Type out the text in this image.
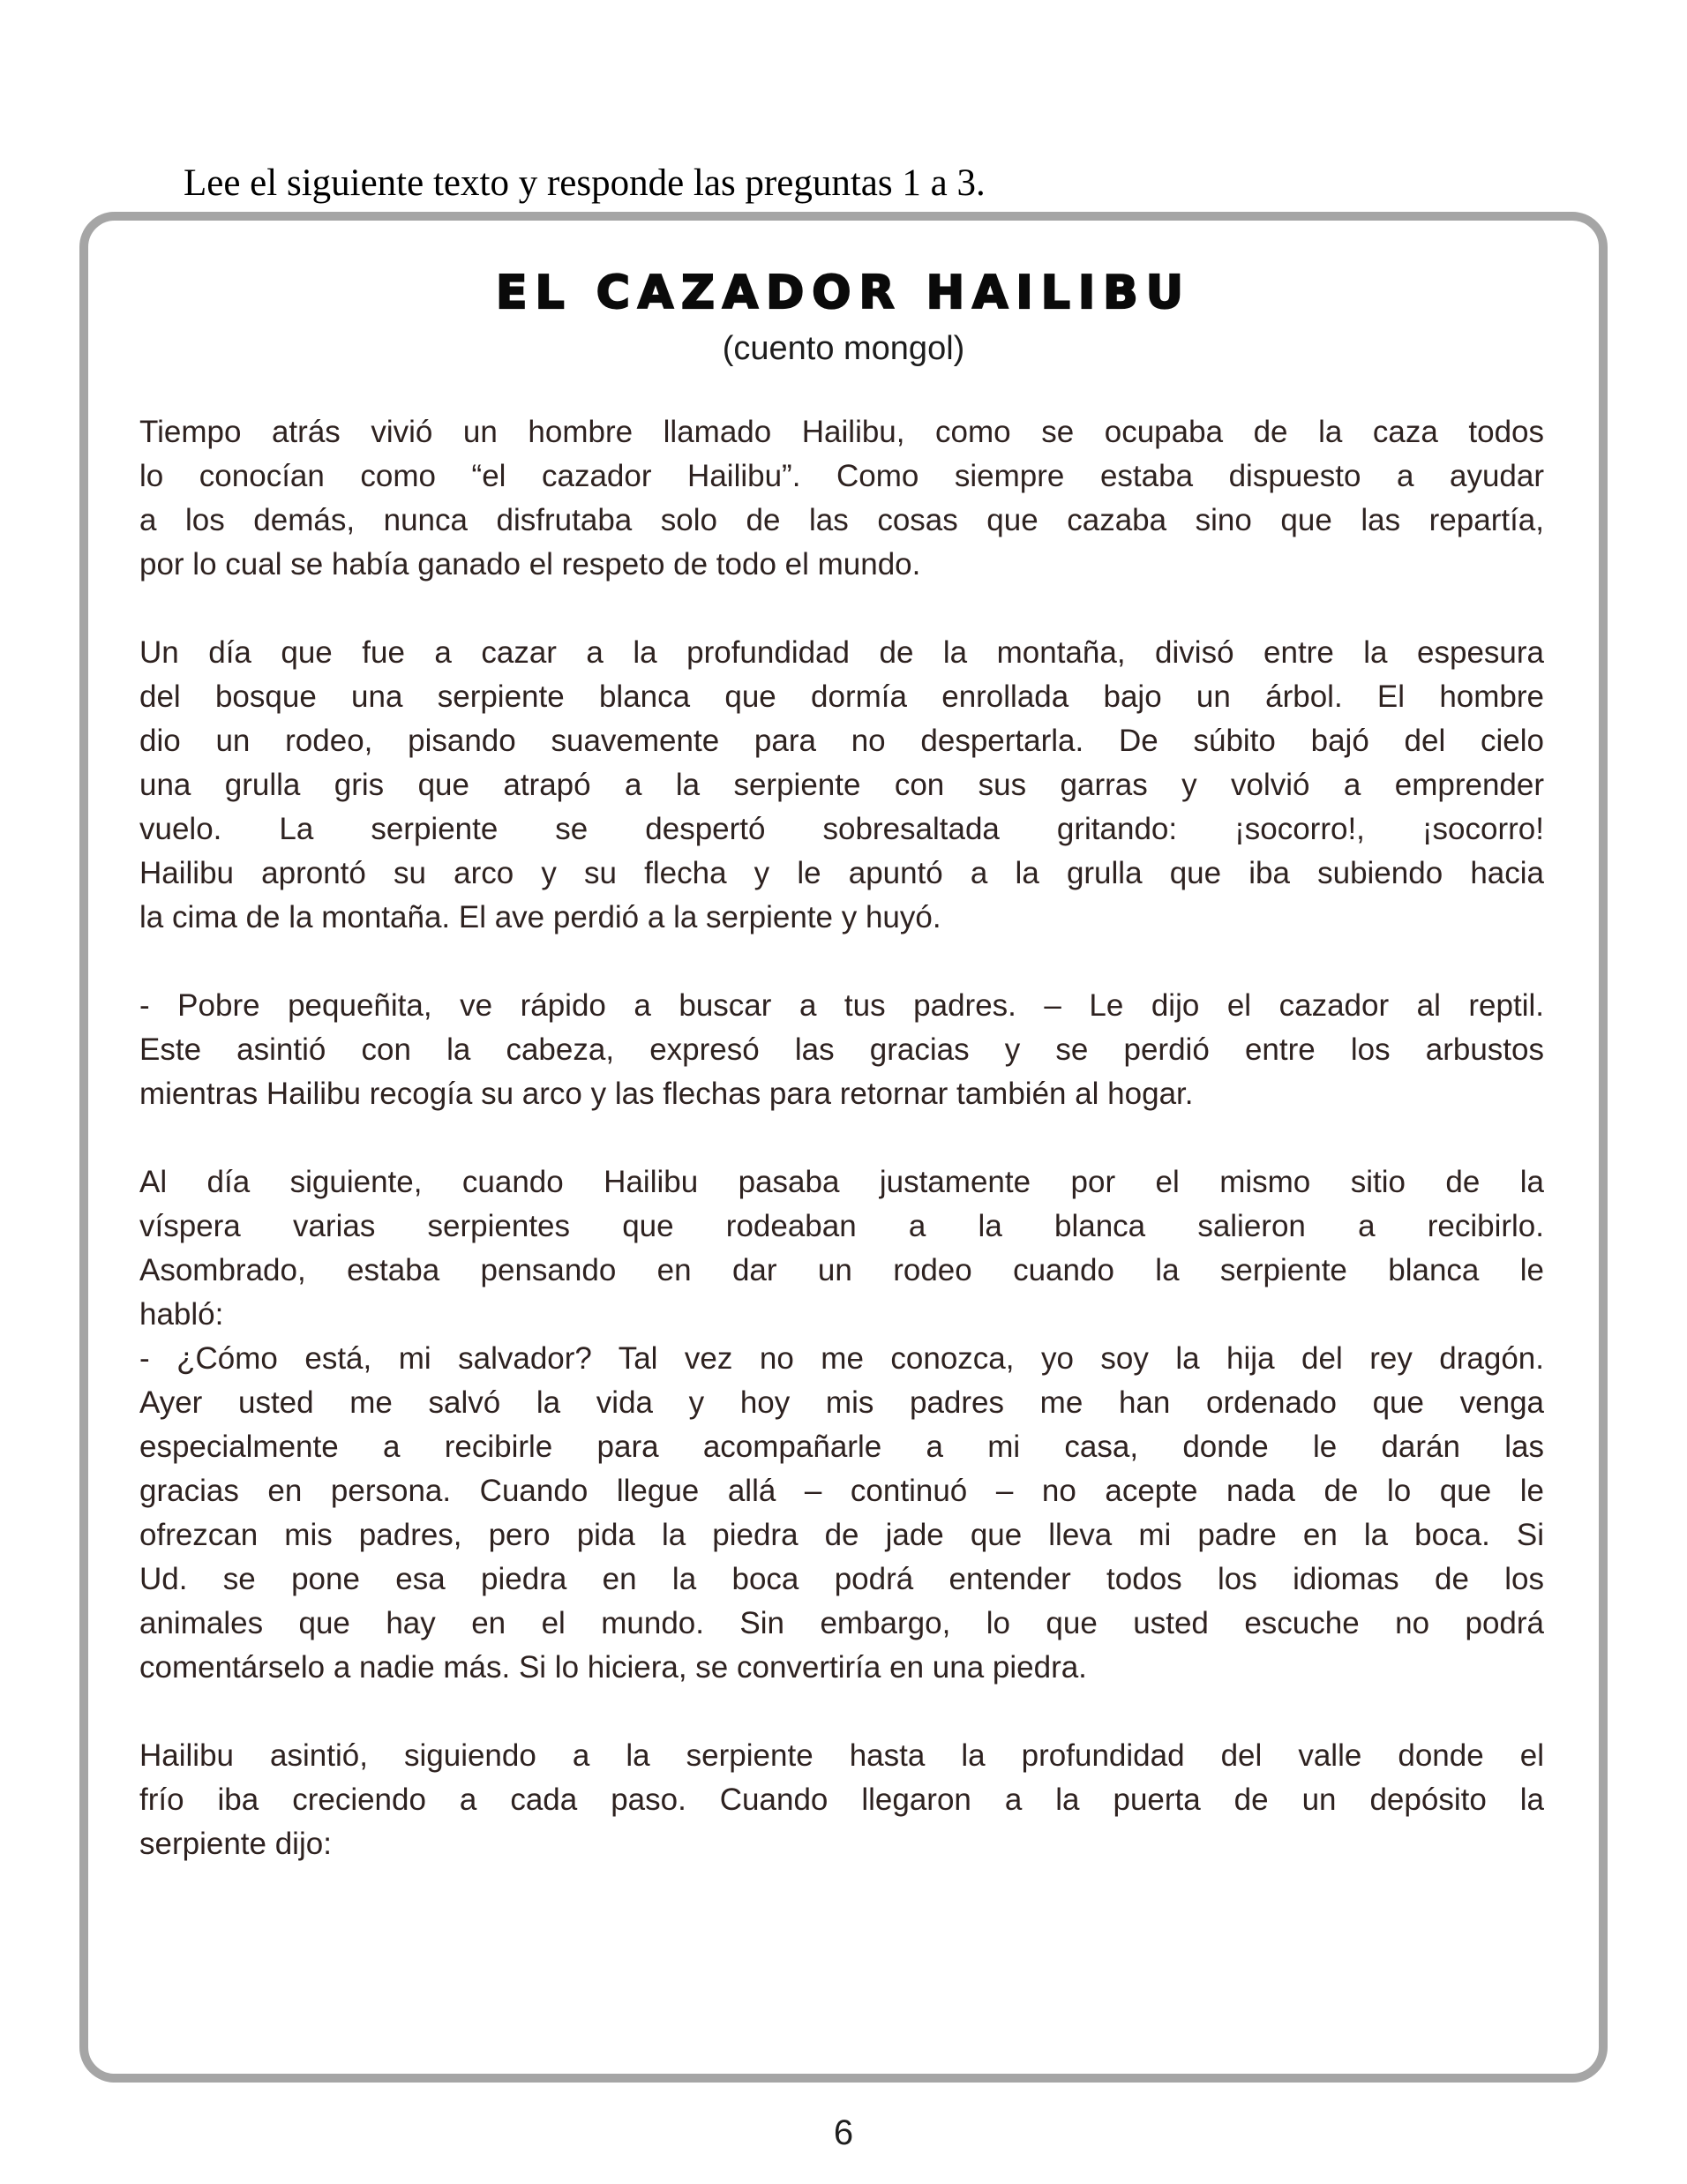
Lee el siguiente texto y responde las preguntas 1 a 3.
EL CAZADOR HAILIBU
(cuento mongol)
Tiempo atrás vivió un hombre llamado Hailibu, como se ocupaba de la caza todos
lo conocían como “el cazador Hailibu”. Como siempre estaba dispuesto a ayudar
a los demás, nunca disfrutaba solo de las cosas que cazaba sino que las repartía,
por lo cual se había ganado el respeto de todo el mundo.
Un día que fue a cazar a la profundidad de la montaña, divisó entre la espesura
del bosque una serpiente blanca que dormía enrollada bajo un árbol. El hombre
dio un rodeo, pisando suavemente para no despertarla. De súbito bajó del cielo
una grulla gris que atrapó a la serpiente con sus garras y volvió a emprender
vuelo. La serpiente se despertó sobresaltada gritando: ¡socorro!, ¡socorro!
Hailibu aprontó su arco y su flecha y le apuntó a la grulla que iba subiendo hacia
la cima de la montaña. El ave perdió a la serpiente y huyó.
- Pobre pequeñita, ve rápido a buscar a tus padres. – Le dijo el cazador al reptil.
Este asintió con la cabeza, expresó las gracias y se perdió entre los arbustos
mientras Hailibu recogía su arco y las flechas para retornar también al hogar.
Al día siguiente, cuando Hailibu pasaba justamente por el mismo sitio de la
víspera varias serpientes que rodeaban a la blanca salieron a recibirlo.
Asombrado, estaba pensando en dar un rodeo cuando la serpiente blanca le
habló:
- ¿Cómo está, mi salvador? Tal vez no me conozca, yo soy la hija del rey dragón.
Ayer usted me salvó la vida y hoy mis padres me han ordenado que venga
especialmente a recibirle para acompañarle a mi casa, donde le darán las
gracias en persona. Cuando llegue allá – continuó – no acepte nada de lo que le
ofrezcan mis padres, pero pida la piedra de jade que lleva mi padre en la boca. Si
Ud. se pone esa piedra en la boca podrá entender todos los idiomas de los
animales que hay en el mundo. Sin embargo, lo que usted escuche no podrá
comentárselo a nadie más. Si lo hiciera, se convertiría en una piedra.
Hailibu asintió, siguiendo a la serpiente hasta la profundidad del valle donde el
frío iba creciendo a cada paso. Cuando llegaron a la puerta de un depósito la
serpiente dijo:
6
